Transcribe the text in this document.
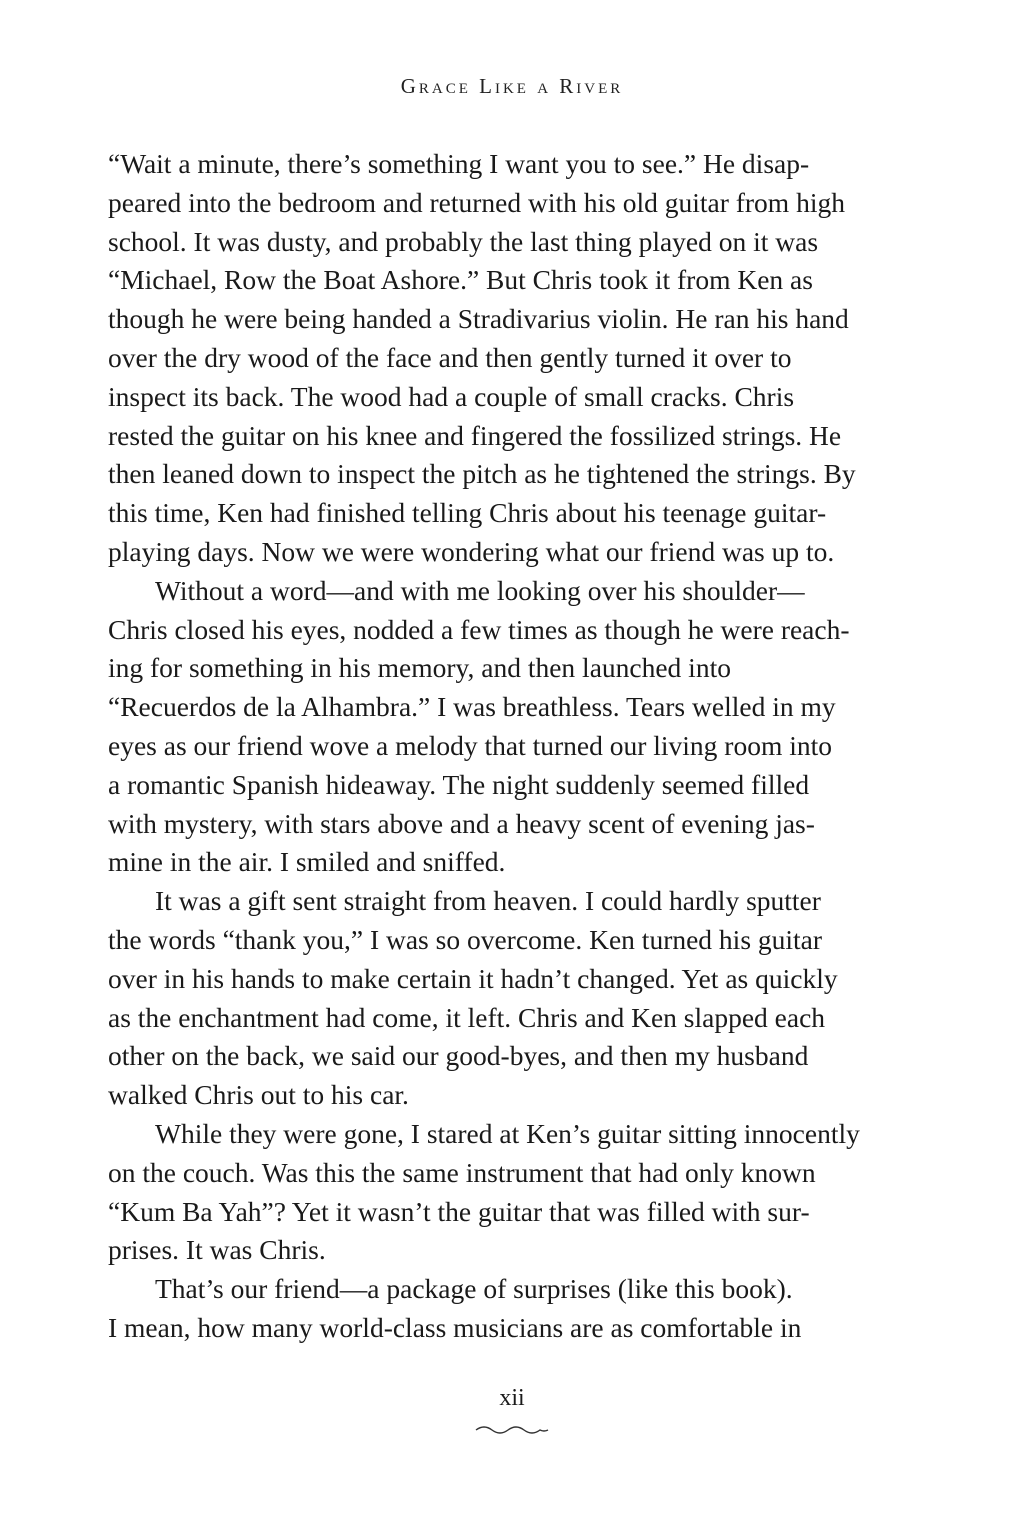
Grace Like a River
“Wait a minute, there’s something I want you to see.” He disap-
peared into the bedroom and returned with his old guitar from high
school. It was dusty, and probably the last thing played on it was
“Michael, Row the Boat Ashore.” But Chris took it from Ken as
though he were being handed a Stradivarius violin. He ran his hand
over the dry wood of the face and then gently turned it over to
inspect its back. The wood had a couple of small cracks. Chris
rested the guitar on his knee and fingered the fossilized strings. He
then leaned down to inspect the pitch as he tightened the strings. By
this time, Ken had finished telling Chris about his teenage guitar-
playing days. Now we were wondering what our friend was up to.
Without a word—and with me looking over his shoulder—
Chris closed his eyes, nodded a few times as though he were reach-
ing for something in his memory, and then launched into
“Recuerdos de la Alhambra.” I was breathless. Tears welled in my
eyes as our friend wove a melody that turned our living room into
a romantic Spanish hideaway. The night suddenly seemed filled
with mystery, with stars above and a heavy scent of evening jas-
mine in the air. I smiled and sniffed.
It was a gift sent straight from heaven. I could hardly sputter
the words “thank you,” I was so overcome. Ken turned his guitar
over in his hands to make certain it hadn’t changed. Yet as quickly
as the enchantment had come, it left. Chris and Ken slapped each
other on the back, we said our good-byes, and then my husband
walked Chris out to his car.
While they were gone, I stared at Ken’s guitar sitting innocently
on the couch. Was this the same instrument that had only known
“Kum Ba Yah”? Yet it wasn’t the guitar that was filled with sur-
prises. It was Chris.
That’s our friend—a package of surprises (like this book).
I mean, how many world-class musicians are as comfortable in
xii
